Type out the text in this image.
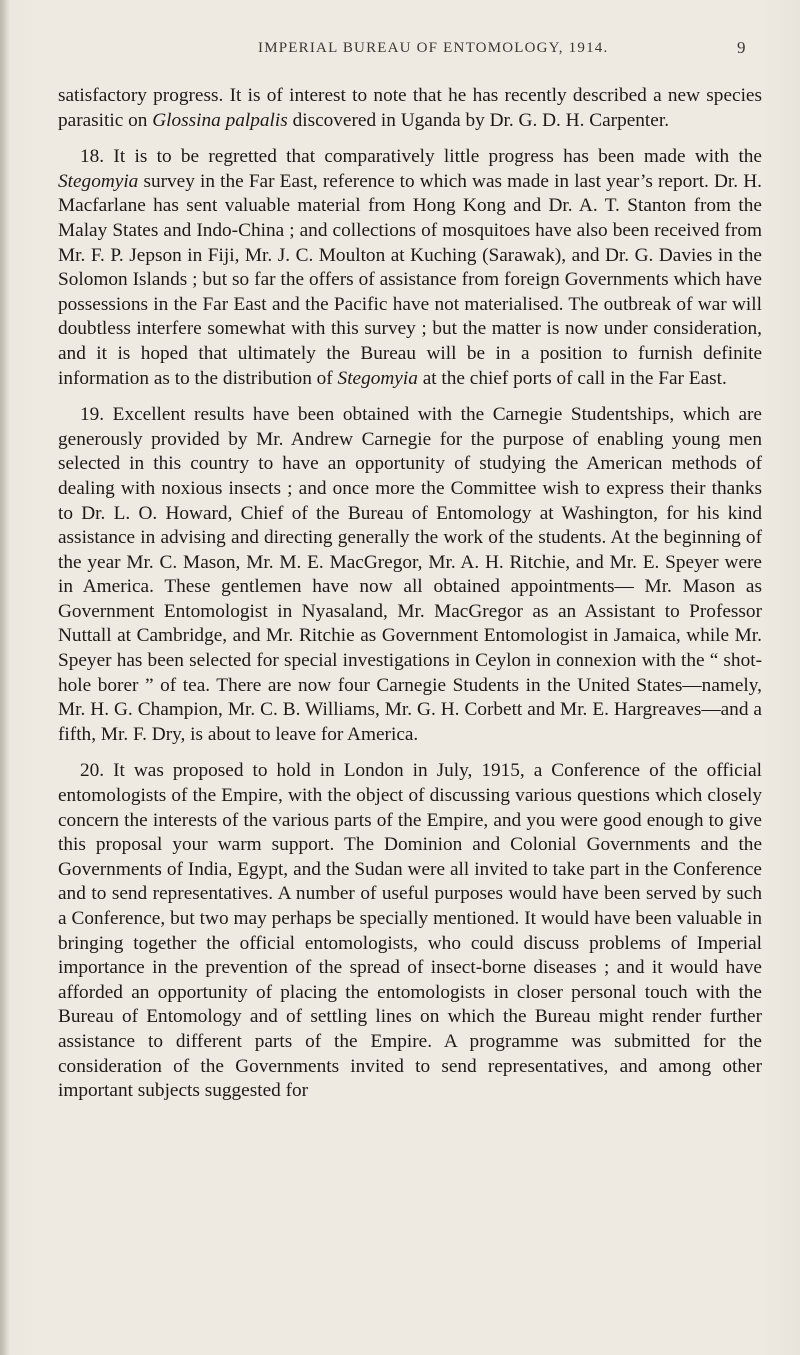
IMPERIAL BUREAU OF ENTOMOLOGY, 1914.	9

satisfactory progress. It is of interest to note that he has recently described a new species parasitic on Glossina palpalis discovered in Uganda by Dr. G. D. H. Carpenter.

18. It is to be regretted that comparatively little progress has been made with the Stegomyia survey in the Far East, reference to which was made in last year’s report. Dr. H. Macfarlane has sent valuable material from Hong Kong and Dr. A. T. Stanton from the Malay States and Indo-China ; and collections of mosquitoes have also been received from Mr. F. P. Jepson in Fiji, Mr. J. C. Moulton at Kuching (Sarawak), and Dr. G. Davies in the Solomon Islands ; but so far the offers of assistance from foreign Governments which have possessions in the Far East and the Pacific have not materialised. The outbreak of war will doubtless interfere somewhat with this survey ; but the matter is now under consideration, and it is hoped that ultimately the Bureau will be in a position to furnish definite information as to the distribution of Stegomyia at the chief ports of call in the Far East.

19. Excellent results have been obtained with the Carnegie Studentships, which are generously provided by Mr. Andrew Carnegie for the purpose of enabling young men selected in this country to have an opportunity of studying the American methods of dealing with noxious insects ; and once more the Committee wish to express their thanks to Dr. L. O. Howard, Chief of the Bureau of Entomology at Washington, for his kind assistance in advising and directing generally the work of the students. At the beginning of the year Mr. C. Mason, Mr. M. E. MacGregor, Mr. A. H. Ritchie, and Mr. E. Speyer were in America. These gentlemen have now all obtained appointments— Mr. Mason as Government Entomologist in Nyasaland, Mr. MacGregor as an Assistant to Professor Nuttall at Cambridge, and Mr. Ritchie as Government Entomologist in Jamaica, while Mr. Speyer has been selected for special investigations in Ceylon in connexion with the “ shot-hole borer ” of tea. There are now four Carnegie Students in the United States—namely, Mr. H. G. Champion, Mr. C. B. Williams, Mr. G. H. Corbett and Mr. E. Hargreaves—and a fifth, Mr. F. Dry, is about to leave for America.

20. It was proposed to hold in London in July, 1915, a Conference of the official entomologists of the Empire, with the object of discussing various questions which closely concern the interests of the various parts of the Empire, and you were good enough to give this proposal your warm support. The Dominion and Colonial Governments and the Governments of India, Egypt, and the Sudan were all invited to take part in the Conference and to send representatives. A number of useful purposes would have been served by such a Conference, but two may perhaps be specially mentioned. It would have been valuable in bringing together the official entomologists, who could discuss problems of Imperial importance in the prevention of the spread of insect-borne diseases ; and it would have afforded an opportunity of placing the entomologists in closer personal touch with the Bureau of Entomology and of settling lines on which the Bureau might render further assistance to different parts of the Empire. A programme was submitted for the consideration of the Governments invited to send representatives, and among other important subjects suggested for
